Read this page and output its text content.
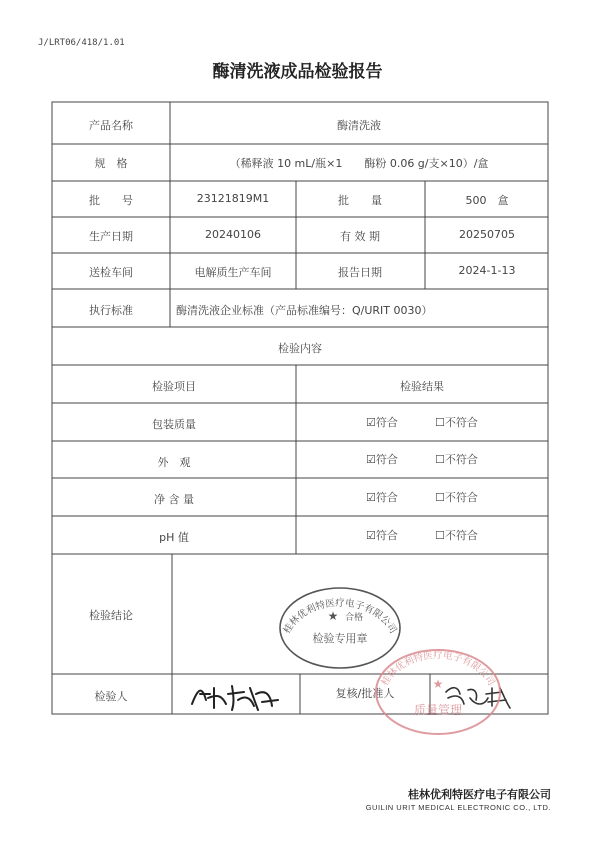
J/LRT06/418/1.01
酶清洗液成品检验报告
产品名称	酶清洗液
规　格	（稀释液 10 mL/瓶×1　　酶粉 0.06 g/支×10）/盒
批　　号	23121819M1	批　　量	500　盒
生产日期	20240106	有 效 期	20250705
送检车间	电解质生产车间	报告日期	2024-1-13
执行标准	酶清洗液企业标准（产品标准编号：Q/URIT 0030）
检验内容
检验项目	检验结果
包装质量	☑符合	☐不符合
外　观	☑符合	☐不符合
净 含 量	☑符合	☐不符合
pH 值	☑符合	☐不符合
检验结论
桂林优利特医疗电子有限公司
★ 合格
检验专用章
检验人	复核/批准人
桂林优利特医疗电子有限公司
★
质量管理
桂林优利特医疗电子有限公司
GUILIN URIT MEDICAL ELECTRONIC CO., LTD.
